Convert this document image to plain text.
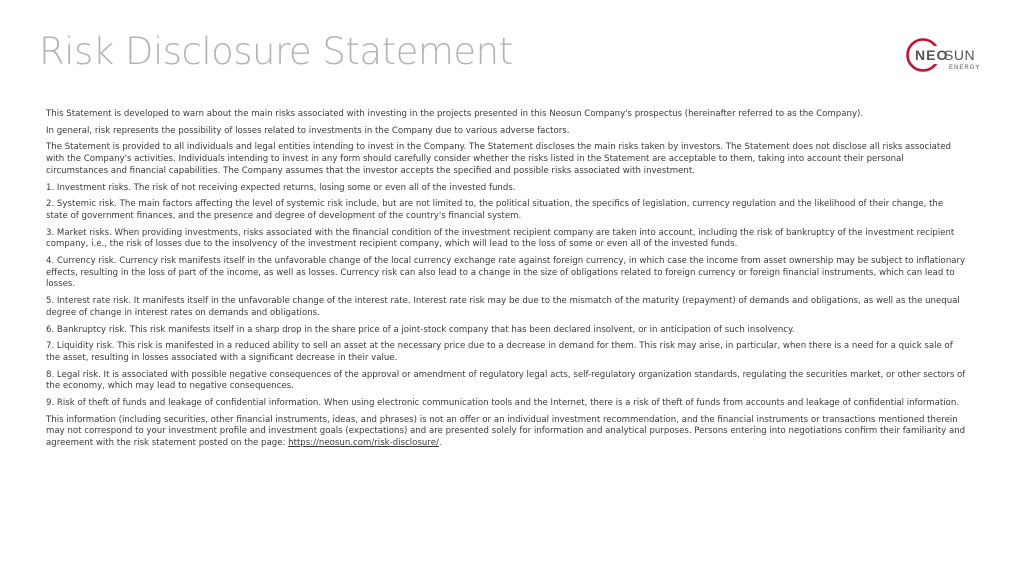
Risk Disclosure Statement	NEO
SUN
ENERGY

This Statement is developed to warn about the main risks associated with investing in the projects presented in this Neosun Company's prospectus (hereinafter referred to as the Company).

In general, risk represents the possibility of losses related to investments in the Company due to various adverse factors.

The Statement is provided to all individuals and legal entities intending to invest in the Company. The Statement discloses the main risks taken by investors. The Statement does not disclose all risks associated with the Company's activities. Individuals intending to invest in any form should carefully consider whether the risks listed in the Statement are acceptable to them, taking into account their personal circumstances and financial capabilities. The Company assumes that the investor accepts the specified and possible risks associated with investment.

1. Investment risks. The risk of not receiving expected returns, losing some or even all of the invested funds.

2. Systemic risk. The main factors affecting the level of systemic risk include, but are not limited to, the political situation, the specifics of legislation, currency regulation and the likelihood of their change, the state of government finances, and the presence and degree of development of the country's financial system.

3. Market risks. When providing investments, risks associated with the financial condition of the investment recipient company are taken into account, including the risk of bankruptcy of the investment recipient company, i.e., the risk of losses due to the insolvency of the investment recipient company, which will lead to the loss of some or even all of the invested funds.

4. Currency risk. Currency risk manifests itself in the unfavorable change of the local currency exchange rate against foreign currency, in which case the income from asset ownership may be subject to inflationary effects, resulting in the loss of part of the income, as well as losses. Currency risk can also lead to a change in the size of obligations related to foreign currency or foreign financial instruments, which can lead to losses.

5. Interest rate risk. It manifests itself in the unfavorable change of the interest rate. Interest rate risk may be due to the mismatch of the maturity (repayment) of demands and obligations, as well as the unequal degree of change in interest rates on demands and obligations.

6. Bankruptcy risk. This risk manifests itself in a sharp drop in the share price of a joint-stock company that has been declared insolvent, or in anticipation of such insolvency.

7. Liquidity risk. This risk is manifested in a reduced ability to sell an asset at the necessary price due to a decrease in demand for them. This risk may arise, in particular, when there is a need for a quick sale of the asset, resulting in losses associated with a significant decrease in their value.

8. Legal risk. It is associated with possible negative consequences of the approval or amendment of regulatory legal acts, self-regulatory organization standards, regulating the securities market, or other sectors of the economy, which may lead to negative consequences.

9. Risk of theft of funds and leakage of confidential information. When using electronic communication tools and the Internet, there is a risk of theft of funds from accounts and leakage of confidential information.

This information (including securities, other financial instruments, ideas, and phrases) is not an offer or an individual investment recommendation, and the financial instruments or transactions mentioned therein may not correspond to your investment profile and investment goals (expectations) and are presented solely for information and analytical purposes. Persons entering into negotiations confirm their familiarity and agreement with the risk statement posted on the page: https://neosun.com/risk-disclosure/.
